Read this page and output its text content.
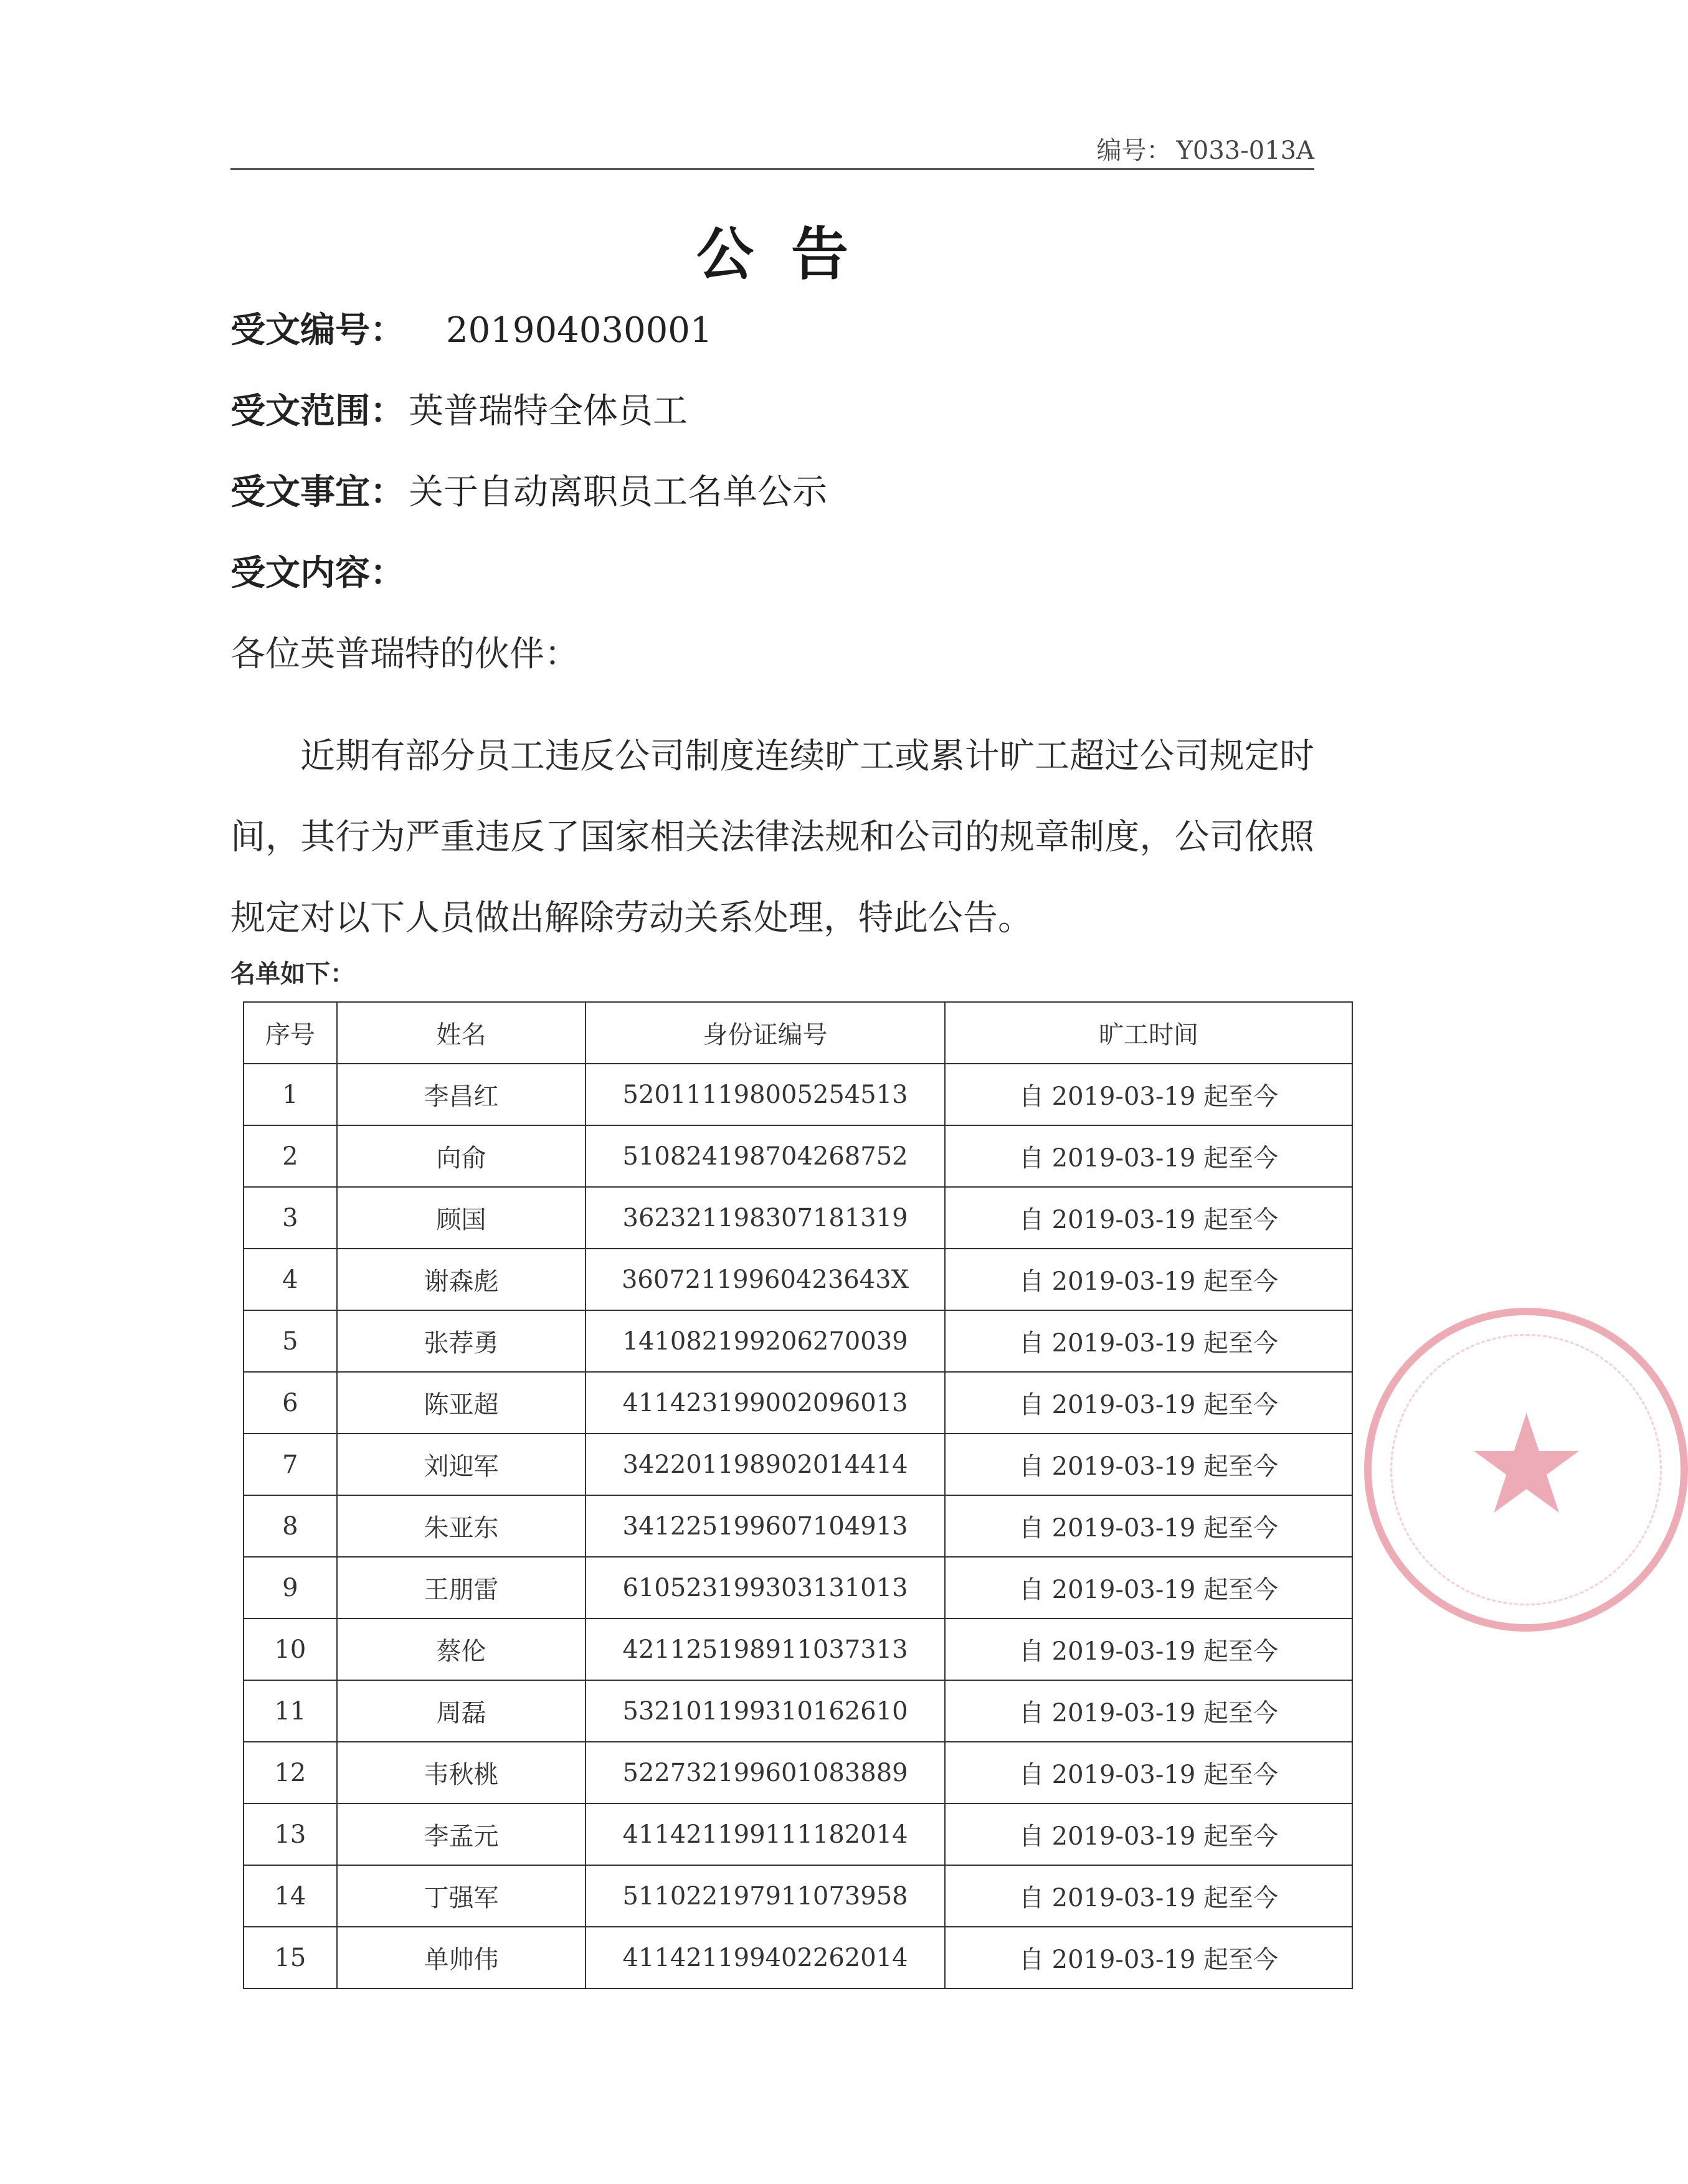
编号： Y033-013A
公告
受文编号： 201904030001
受文范围： 英普瑞特全体员工
受文事宜： 关于自动离职员工名单公示
受文内容：
各位英普瑞特的伙伴：

近期有部分员工违反公司制度连续旷工或累计旷工超过公司规定时间，其行为严重违反了国家相关法律法规和公司的规章制度，公司依照规定对以下人员做出解除劳动关系处理，特此公告。

名单如下：
序号	姓名	身份证编号	旷工时间
1	李昌红	520111198005254513	自 2019-03-19 起至今
2	向俞	510824198704268752	自 2019-03-19 起至今
3	顾国	362321198307181319	自 2019-03-19 起至今
4	谢森彪	36072119960423643X	自 2019-03-19 起至今
5	张荐勇	141082199206270039	自 2019-03-19 起至今
6	陈亚超	411423199002096013	自 2019-03-19 起至今
7	刘迎军	342201198902014414	自 2019-03-19 起至今
8	朱亚东	341225199607104913	自 2019-03-19 起至今
9	王朋雷	610523199303131013	自 2019-03-19 起至今
10	蔡伦	421125198911037313	自 2019-03-19 起至今
11	周磊	532101199310162610	自 2019-03-19 起至今
12	韦秋桃	522732199601083889	自 2019-03-19 起至今
13	李孟元	411421199111182014	自 2019-03-19 起至今
14	丁强军	511022197911073958	自 2019-03-19 起至今
15	单帅伟	411421199402262014	自 2019-03-19 起至今
★
